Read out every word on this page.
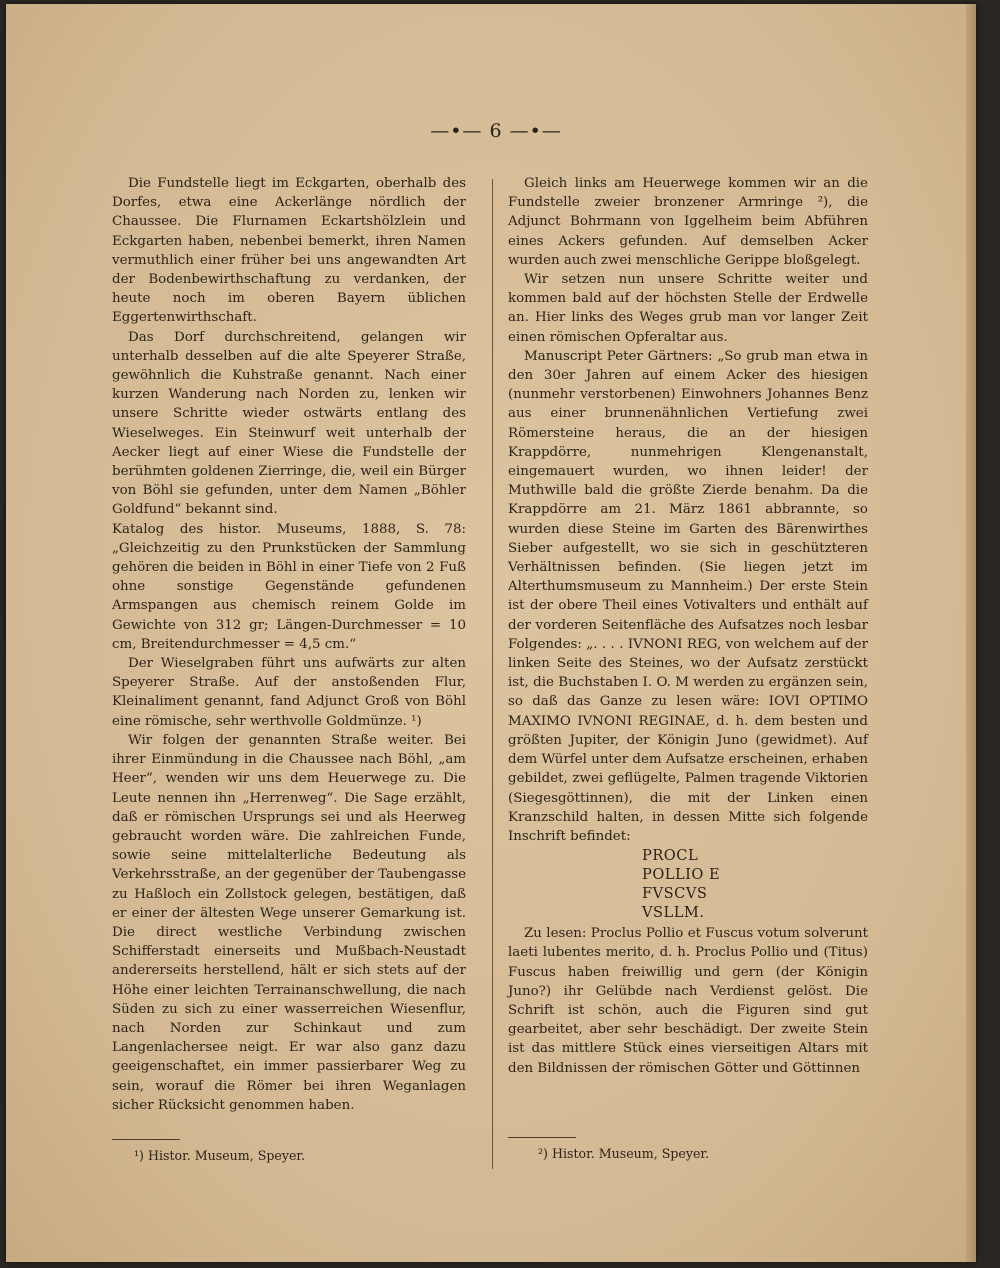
—•— 6 —•—

Die Fundstelle liegt im Eckgarten, oberhalb des Dorfes, etwa eine Ackerlänge nördlich der Chaussee. Die Flurnamen Eckartshölzlein und Eckgarten haben, nebenbei bemerkt, ihren Namen vermuthlich einer früher bei uns angewandten Art der Bodenbewirthschaftung zu verdanken, der heute noch im oberen Bayern üblichen Eggertenwirthschaft.

Das Dorf durchschreitend, gelangen wir unterhalb desselben auf die alte Speyerer Straße, gewöhnlich die Kuhstraße genannt. Nach einer kurzen Wanderung nach Norden zu, lenken wir unsere Schritte wieder ostwärts entlang des Wieselweges. Ein Steinwurf weit unterhalb der Aecker liegt auf einer Wiese die Fundstelle der berühmten goldenen Zierringe, die, weil ein Bürger von Böhl sie gefunden, unter dem Namen „Böhler Goldfund“ bekannt sind.

Katalog des histor. Museums, 1888, S. 78: „Gleichzeitig zu den Prunkstücken der Sammlung gehören die beiden in Böhl in einer Tiefe von 2 Fuß ohne sonstige Gegenstände gefundenen Armspangen aus chemisch reinem Golde im Gewichte von 312 gr; Längen-Durchmesser = 10 cm, Breitendurchmesser = 4,5 cm.“

Der Wieselgraben führt uns aufwärts zur alten Speyerer Straße. Auf der anstoßenden Flur, Kleinaliment genannt, fand Adjunct Groß von Böhl eine römische, sehr werthvolle Goldmünze. ¹)

Wir folgen der genannten Straße weiter. Bei ihrer Einmündung in die Chaussee nach Böhl, „am Heer“, wenden wir uns dem Heuerwege zu. Die Leute nennen ihn „Herrenweg“. Die Sage erzählt, daß er römischen Ursprungs sei und als Heerweg gebraucht worden wäre. Die zahlreichen Funde, sowie seine mittelalterliche Bedeutung als Verkehrsstraße, an der gegenüber der Taubengasse zu Haßloch ein Zollstock gelegen, bestätigen, daß er einer der ältesten Wege unserer Gemarkung ist. Die direct westliche Verbindung zwischen Schifferstadt einerseits und Mußbach-Neustadt andererseits herstellend, hält er sich stets auf der Höhe einer leichten Terrainanschwellung, die nach Süden zu sich zu einer wasserreichen Wiesenflur, nach Norden zur Schinkaut und zum Langenlachersee neigt. Er war also ganz dazu geeigenschaftet, ein immer passierbarer Weg zu sein, worauf die Römer bei ihren Weganlagen sicher Rücksicht genommen haben.

Gleich links am Heuerwege kommen wir an die Fundstelle zweier bronzener Armringe ²), die Adjunct Bohrmann von Iggelheim beim Abführen eines Ackers gefunden. Auf demselben Acker wurden auch zwei menschliche Gerippe bloßgelegt.

Wir setzen nun unsere Schritte weiter und kommen bald auf der höchsten Stelle der Erdwelle an. Hier links des Weges grub man vor langer Zeit einen römischen Opferaltar aus.

Manuscript Peter Gärtners: „So grub man etwa in den 30er Jahren auf einem Acker des hiesigen (nunmehr verstorbenen) Einwohners Johannes Benz aus einer brunnenähnlichen Vertiefung zwei Römersteine heraus, die an der hiesigen Krappdörre, nunmehrigen Klengenanstalt, eingemauert wurden, wo ihnen leider! der Muthwille bald die größte Zierde benahm. Da die Krappdörre am 21. März 1861 abbrannte, so wurden diese Steine im Garten des Bärenwirthes Sieber aufgestellt, wo sie sich in geschützteren Verhältnissen befinden. (Sie liegen jetzt im Alterthumsmuseum zu Mannheim.) Der erste Stein ist der obere Theil eines Votivalters und enthält auf der vorderen Seitenfläche des Aufsatzes noch lesbar Folgendes: „. . . . IVNONI REG, von welchem auf der linken Seite des Steines, wo der Aufsatz zerstückt ist, die Buchstaben I. O. M werden zu ergänzen sein, so daß das Ganze zu lesen wäre: IOVI OPTIMO MAXIMO IVNONI REGINAE, d. h. dem besten und größten Jupiter, der Königin Juno (gewidmet). Auf dem Würfel unter dem Aufsatze erscheinen, erhaben gebildet, zwei geflügelte, Palmen tragende Viktorien (Siegesgöttinnen), die mit der Linken einen Kranzschild halten, in dessen Mitte sich folgende Inschrift befindet:

PROCL
POLLIO E
FVSCVS
VSLLM.

Zu lesen: Proclus Pollio et Fuscus votum solverunt laeti lubentes merito, d. h. Proclus Pollio und (Titus) Fuscus haben freiwillig und gern (der Königin Juno?) ihr Gelübde nach Verdienst gelöst. Die Schrift ist schön, auch die Figuren sind gut gearbeitet, aber sehr beschädigt. Der zweite Stein ist das mittlere Stück eines vierseitigen Altars mit den Bildnissen der römischen Götter und Göttinnen

¹) Histor. Museum, Speyer.	²) Histor. Museum, Speyer.
